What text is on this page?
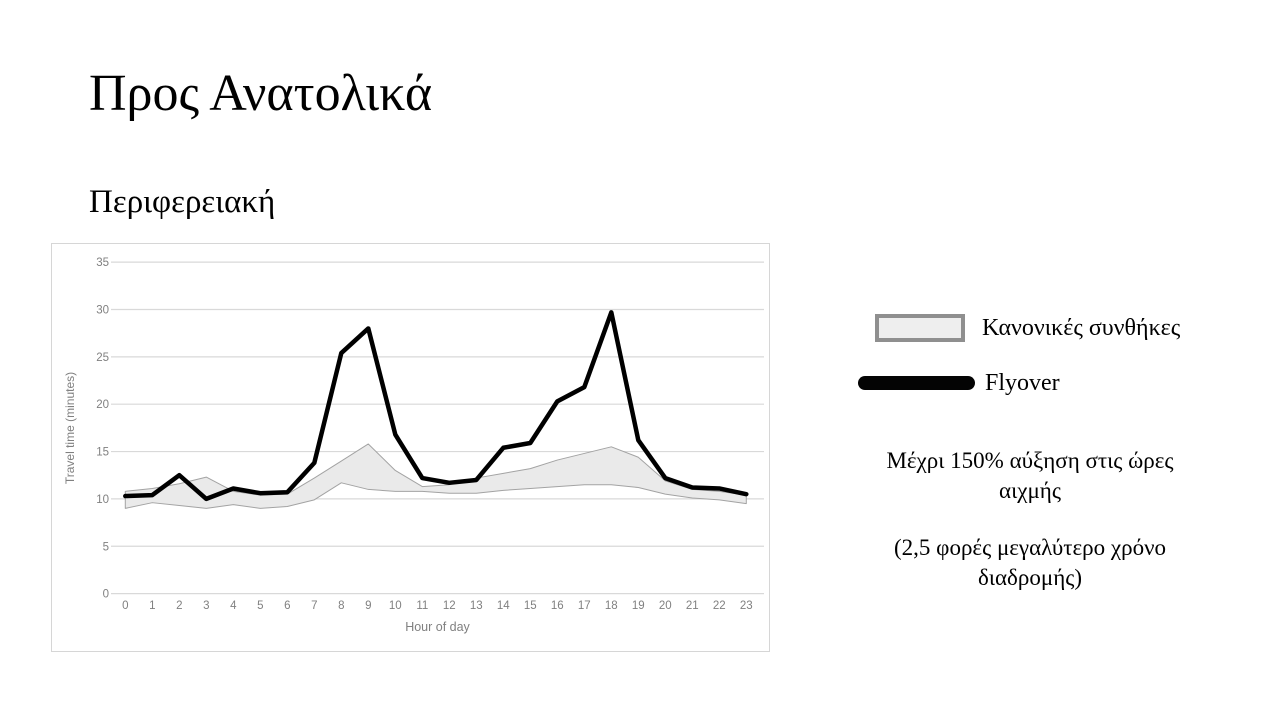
Προς Ανατολικά
Περιφερειακή
0
5
10
15
20
25
30
35
0 1 2 3 4 5 6 7 8 9 10 11 12 13 14 15 16 17 18 19 20 21 22 23
Hour of day
Travel time (minutes)
Κανονικές συνθήκες
Flyover

Μέχρι 150% αύξηση στις ώρες αιχμής

(2,5 φορές μεγαλύτερο χρόνο διαδρομής)
